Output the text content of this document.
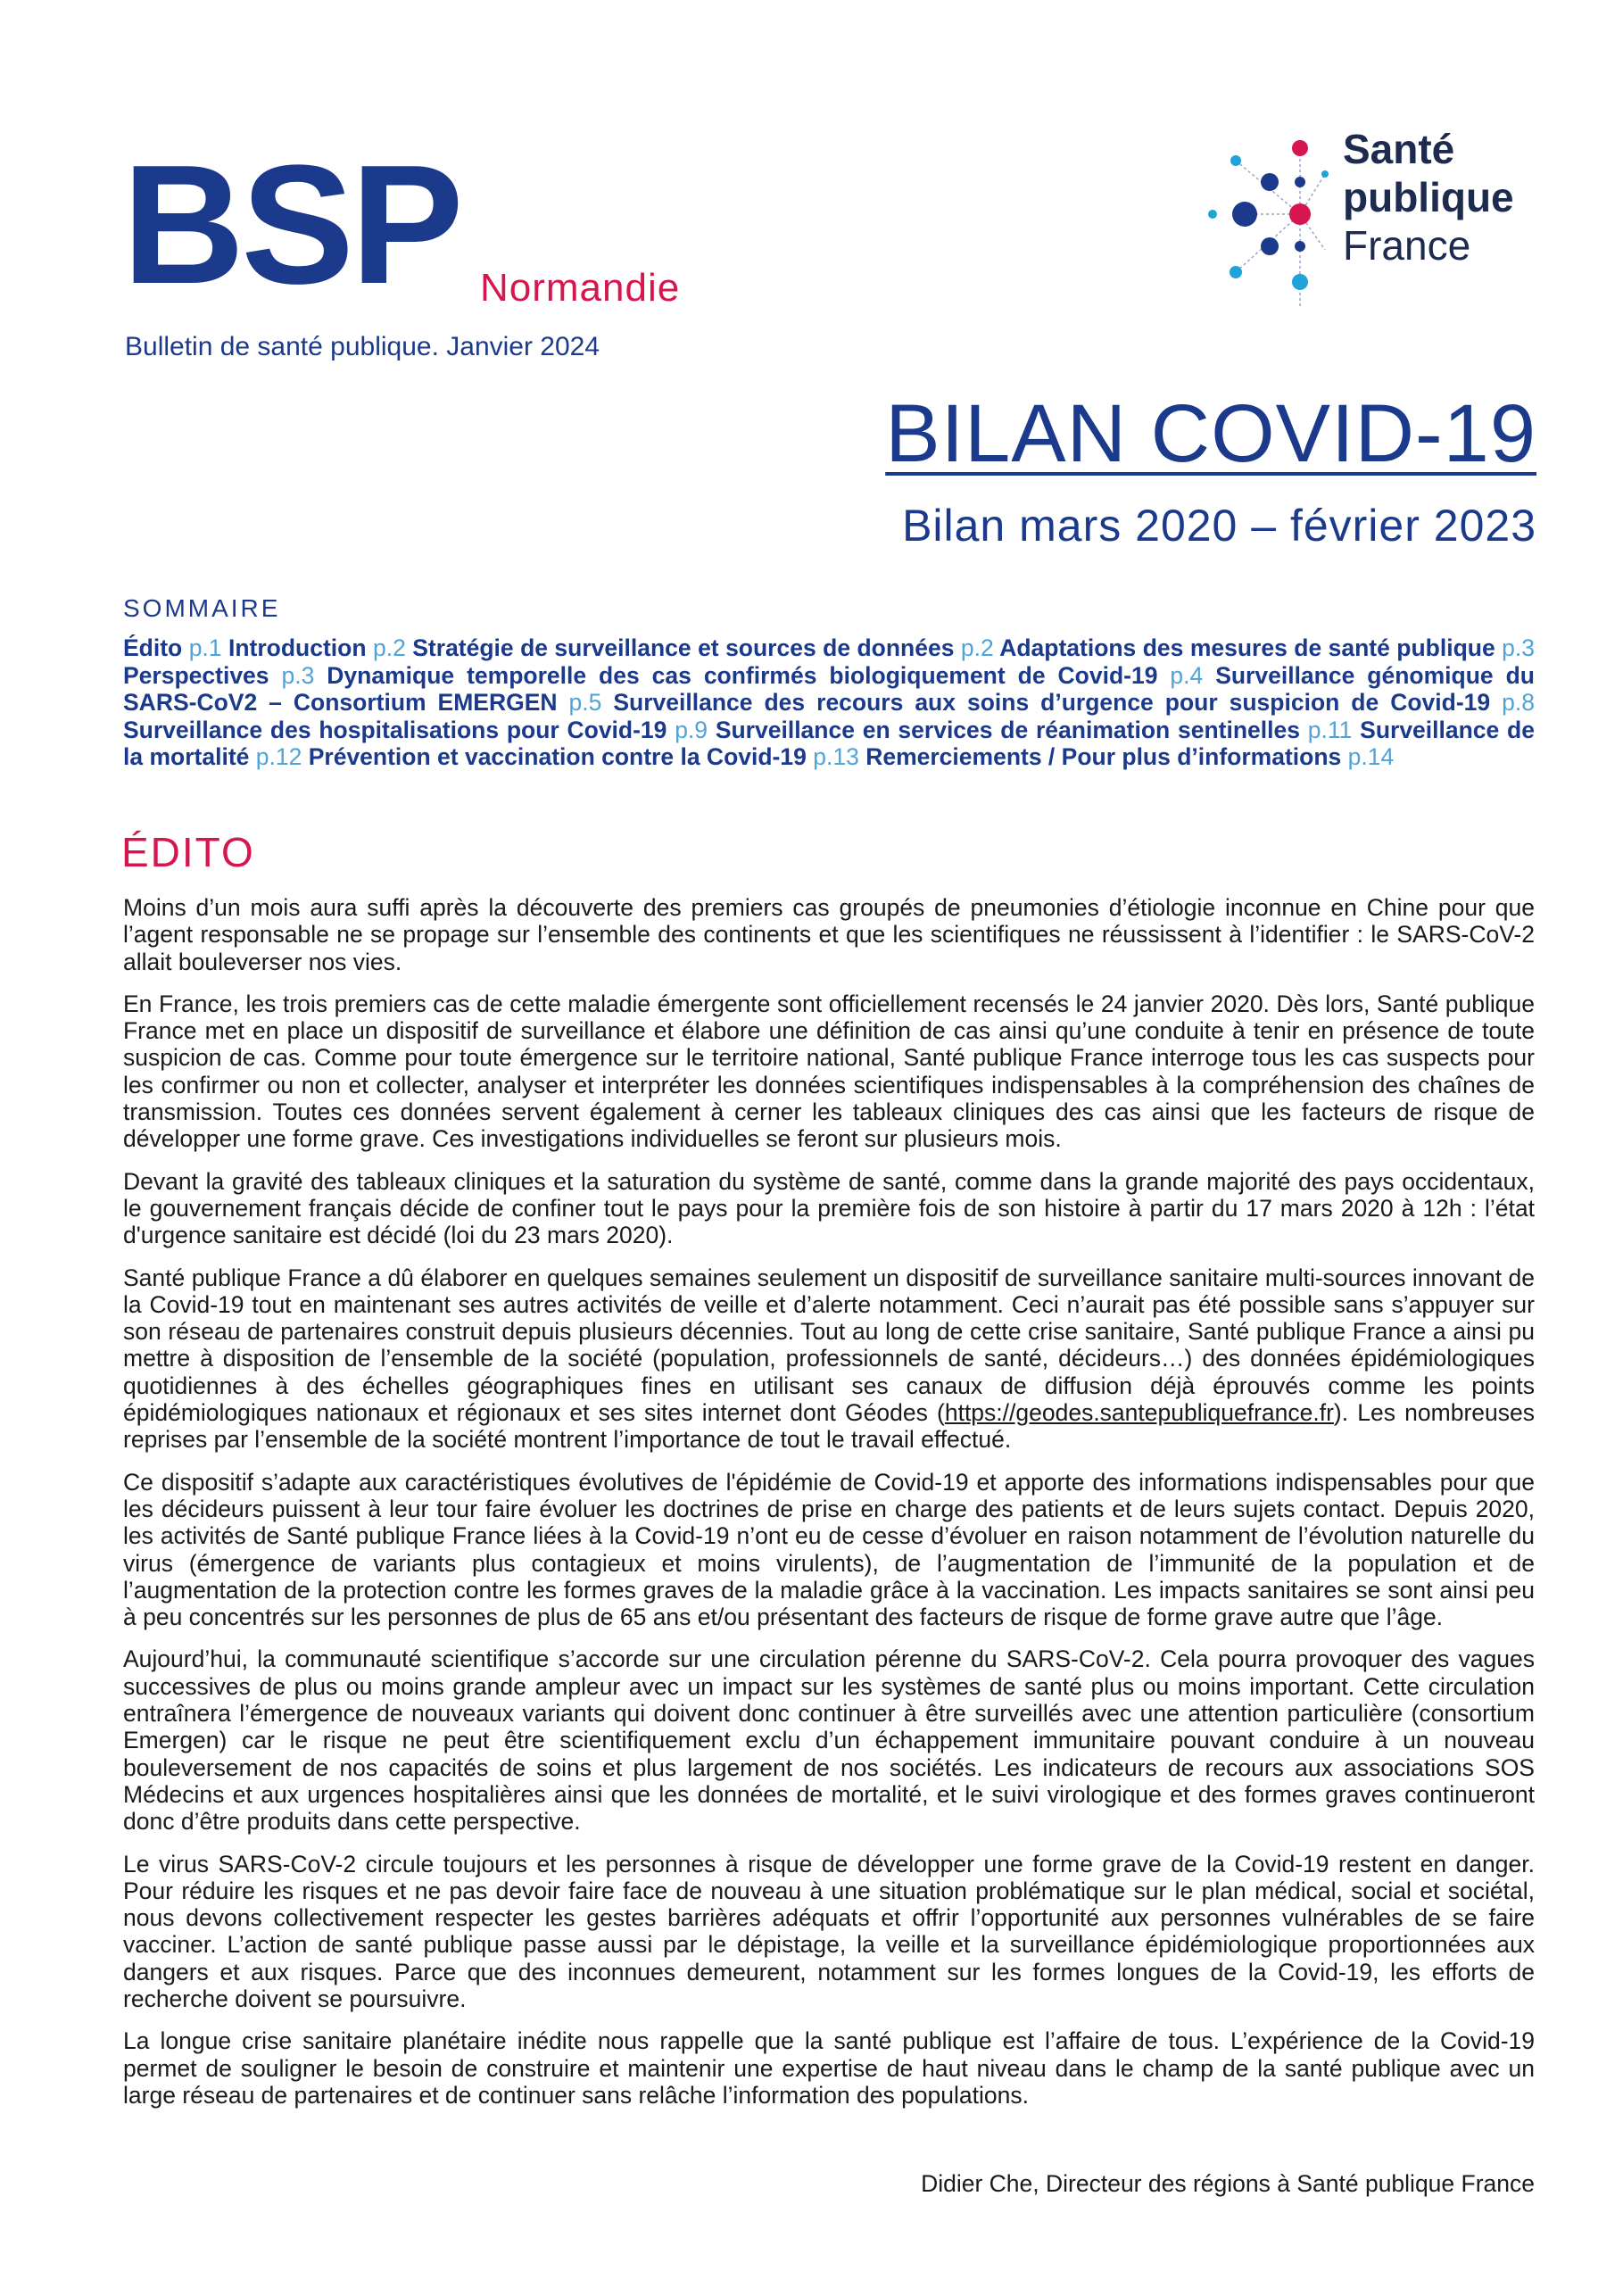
BSP Normandie
Bulletin de santé publique. Janvier 2024
Santé
publique
France
BILAN COVID-19
Bilan mars 2020 – février 2023
SOMMAIRE
Édito p.1 Introduction p.2 Stratégie de surveillance et sources de données p.2 Adaptations des mesures de santé publique p.3 Perspectives p.3 Dynamique temporelle des cas confirmés biologiquement de Covid-19 p.4 Surveillance génomique du SARS-CoV2 – Consortium EMERGEN p.5 Surveillance des recours aux soins d’urgence pour suspicion de Covid-19 p.8 Surveillance des hospitalisations pour Covid-19 p.9 Surveillance en services de réanimation sentinelles p.11 Surveillance de la mortalité p.12 Prévention et vaccination contre la Covid-19 p.13 Remerciements / Pour plus d’informations p.14
ÉDITO

Moins d’un mois aura suffi après la découverte des premiers cas groupés de pneumonies d’étiologie inconnue en Chine pour que l’agent responsable ne se propage sur l’ensemble des continents et que les scientifiques ne réussissent à l’identifier : le SARS-CoV-2 allait bouleverser nos vies.

En France, les trois premiers cas de cette maladie émergente sont officiellement recensés le 24 janvier 2020. Dès lors, Santé publique France met en place un dispositif de surveillance et élabore une définition de cas ainsi qu’une conduite à tenir en présence de toute suspicion de cas. Comme pour toute émergence sur le territoire national, Santé publique France interroge tous les cas suspects pour les confirmer ou non et collecter, analyser et interpréter les données scientifiques indispensables à la compréhension des chaînes de transmission. Toutes ces données servent également à cerner les tableaux cliniques des cas ainsi que les facteurs de risque de développer une forme grave. Ces investigations individuelles se feront sur plusieurs mois.

Devant la gravité des tableaux cliniques et la saturation du système de santé, comme dans la grande majorité des pays occidentaux, le gouvernement français décide de confiner tout le pays pour la première fois de son histoire à partir du 17 mars 2020 à 12h : l’état d'urgence sanitaire est décidé (loi du 23 mars 2020).

Santé publique France a dû élaborer en quelques semaines seulement un dispositif de surveillance sanitaire multi-sources innovant de la Covid-19 tout en maintenant ses autres activités de veille et d’alerte notamment. Ceci n’aurait pas été possible sans s’appuyer sur son réseau de partenaires construit depuis plusieurs décennies. Tout au long de cette crise sanitaire, Santé publique France a ainsi pu mettre à disposition de l’ensemble de la société (population, professionnels de santé, décideurs…) des données épidémiologiques quotidiennes à des échelles géographiques fines en utilisant ses canaux de diffusion déjà éprouvés comme les points épidémiologiques nationaux et régionaux et ses sites internet dont Géodes (https://geodes.santepubliquefrance.fr). Les nombreuses reprises par l’ensemble de la société montrent l’importance de tout le travail effectué.

Ce dispositif s’adapte aux caractéristiques évolutives de l'épidémie de Covid-19 et apporte des informations indispensables pour que les décideurs puissent à leur tour faire évoluer les doctrines de prise en charge des patients et de leurs sujets contact. Depuis 2020, les activités de Santé publique France liées à la Covid-19 n’ont eu de cesse d’évoluer en raison notamment de l’évolution naturelle du virus (émergence de variants plus contagieux et moins virulents), de l’augmentation de l’immunité de la population et de l’augmentation de la protection contre les formes graves de la maladie grâce à la vaccination. Les impacts sanitaires se sont ainsi peu à peu concentrés sur les personnes de plus de 65 ans et/ou présentant des facteurs de risque de forme grave autre que l’âge.

Aujourd’hui, la communauté scientifique s’accorde sur une circulation pérenne du SARS-CoV-2. Cela pourra provoquer des vagues successives de plus ou moins grande ampleur avec un impact sur les systèmes de santé plus ou moins important. Cette circulation entraînera l’émergence de nouveaux variants qui doivent donc continuer à être surveillés avec une attention particulière (consortium Emergen) car le risque ne peut être scientifiquement exclu d’un échappement immunitaire pouvant conduire à un nouveau bouleversement de nos capacités de soins et plus largement de nos sociétés. Les indicateurs de recours aux associations SOS Médecins et aux urgences hospitalières ainsi que les données de mortalité, et le suivi virologique et des formes graves continueront donc d’être produits dans cette perspective.

Le virus SARS-CoV-2 circule toujours et les personnes à risque de développer une forme grave de la Covid-19 restent en danger. Pour réduire les risques et ne pas devoir faire face de nouveau à une situation problématique sur le plan médical, social et sociétal, nous devons collectivement respecter les gestes barrières adéquats et offrir l’opportunité aux personnes vulnérables de se faire vacciner. L’action de santé publique passe aussi par le dépistage, la veille et la surveillance épidémiologique proportionnées aux dangers et aux risques. Parce que des inconnues demeurent, notamment sur les formes longues de la Covid-19, les efforts de recherche doivent se poursuivre.

La longue crise sanitaire planétaire inédite nous rappelle que la santé publique est l’affaire de tous. L’expérience de la Covid-19 permet de souligner le besoin de construire et maintenir une expertise de haut niveau dans le champ de la santé publique avec un large réseau de partenaires et de continuer sans relâche l’information des populations.

Didier Che, Directeur des régions à Santé publique France
